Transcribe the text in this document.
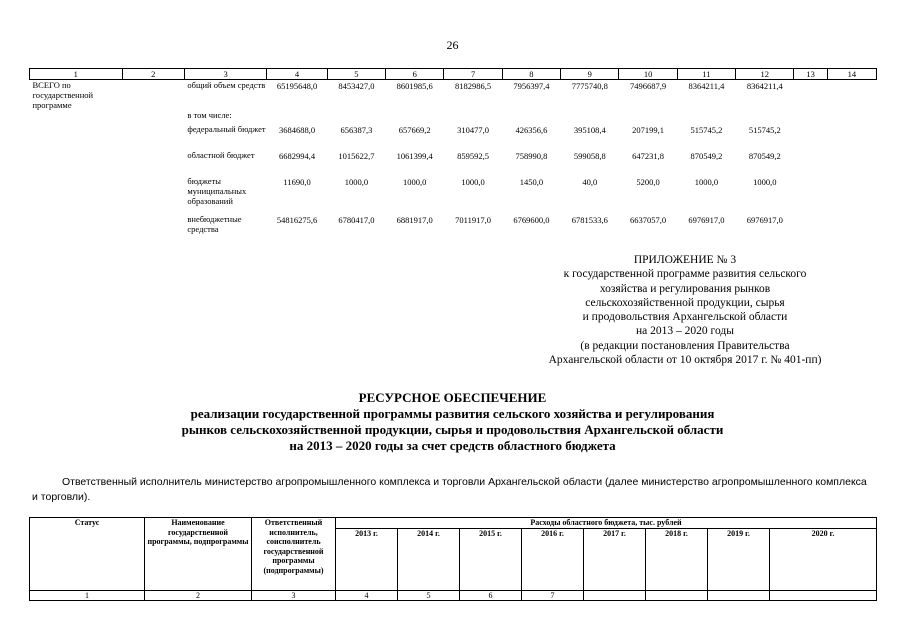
26
1	2	3	4	5	6	7	8	9	10	11	12	13	14
ВСЕГО по государственной программе		общий объем средств	65195648,0	8453427,0	8601985,6	8182986,5	7956397,4	7775740,8	7496687,9	8364211,4	8364211,4		
		в том числе:											
		федеральный бюджет	3684688,0	656387,3	657669,2	310477,0	426356,6	395108,4	207199,1	515745,2	515745,2		
		областной бюджет	6682994,4	1015622,7	1061399,4	859592,5	758990,8	599058,8	647231,8	870549,2	870549,2		
		бюджеты муниципальных образований	11690,0	1000,0	1000,0	1000,0	1450,0	40,0	5200,0	1000,0	1000,0		
		внебюджетные средства	54816275,6	6780417,0	6881917,0	7011917,0	6769600,0	6781533,6	6637057,0	6976917,0	6976917,0		
ПРИЛОЖЕНИЕ № 3
к государственной программе развития сельского
хозяйства и регулирования рынков
сельскохозяйственной продукции, сырья
и продовольствия Архангельской области
на 2013 – 2020 годы
(в редакции постановления Правительства
Архангельской области от 10 октября 2017 г. № 401-пп)
РЕСУРСНОЕ ОБЕСПЕЧЕНИЕ
реализации государственной программы развития сельского хозяйства и регулирования
рынков сельскохозяйственной продукции, сырья и продовольствия Архангельской области
на 2013 – 2020 годы за счет средств областного бюджета
Ответственный исполнитель министерство агропромышленного комплекса и торговли Архангельской области (далее министерство агропромышленного комплекса и торговли).
Статус	Наименование государственной программы, подпрограммы	Ответственный исполнитель, соисполнитель государственной программы (подпрограммы)	Расходы областного бюджета, тыс. рублей							
			2013 г.	2014 г.	2015 г.	2016 г.	2017 г.	2018 г.	2019 г.	2020 г.
1	2	3	4	5	6	7				
